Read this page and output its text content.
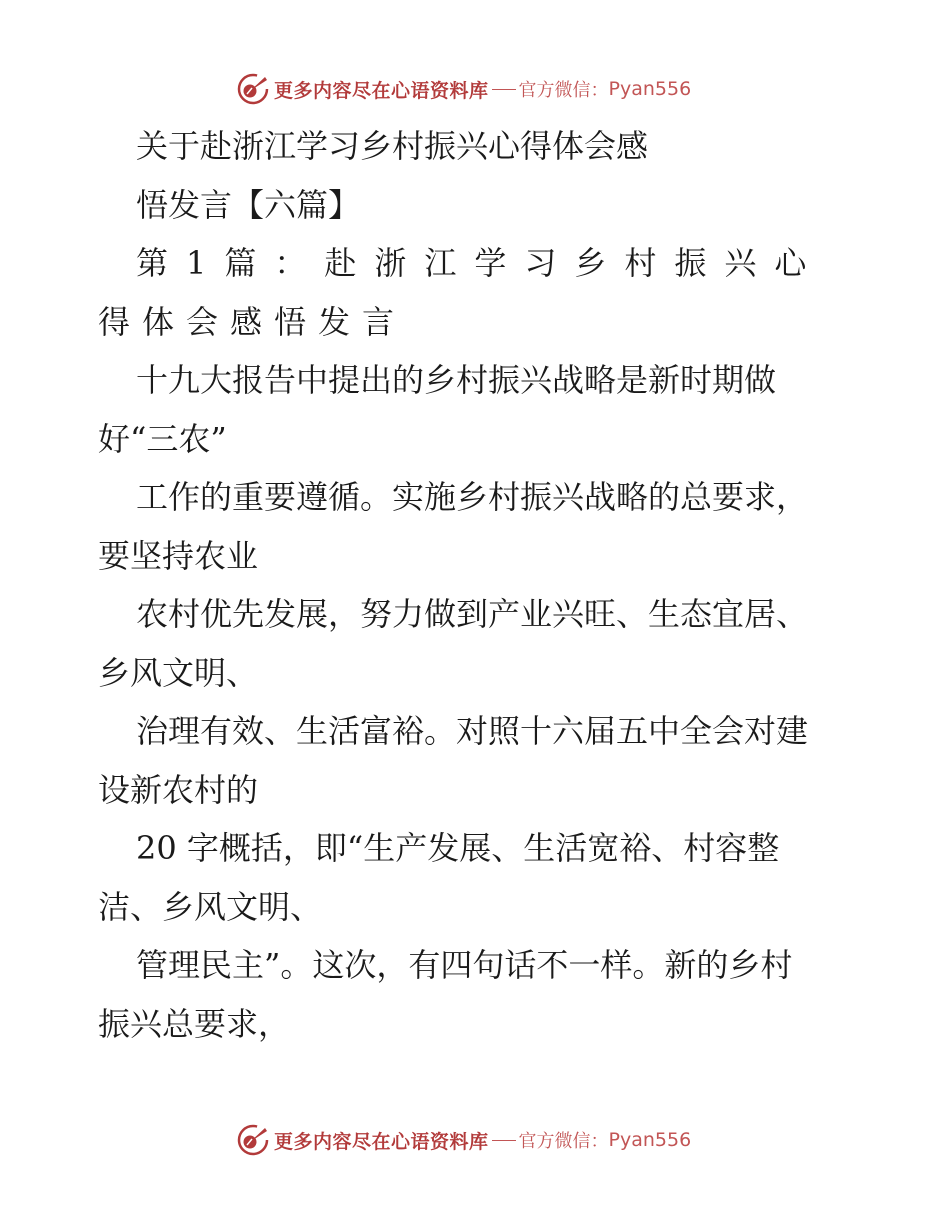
更多内容尽在心语资料库 官方微信： Pyan556
关于赴浙江学习乡村振兴心得体会感
悟发言【六篇】
第1篇：赴浙江学习乡村振兴心
得体会感悟发言
十九大报告中提出的乡村振兴战略是新时期做
好“三农”
工作的重要遵循。实施乡村振兴战略的总要求，
要坚持农业
农村优先发展，努力做到产业兴旺、生态宜居、
乡风文明、
治理有效、生活富裕。对照十六届五中全会对建
设新农村的
20 字概括，即“生产发展、生活宽裕、村容整
洁、乡风文明、
管理民主”。这次，有四句话不一样。新的乡村
振兴总要求，
更多内容尽在心语资料库 官方微信： Pyan556
